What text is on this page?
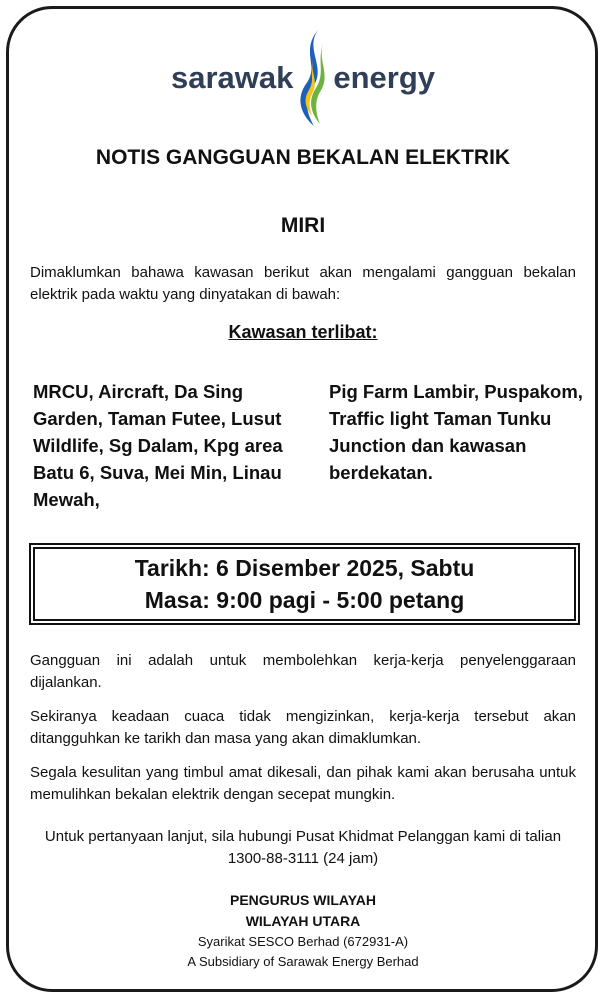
sarawak energy
NOTIS GANGGUAN BEKALAN ELEKTRIK
MIRI
Dimaklumkan bahawa kawasan berikut akan mengalami gangguan bekalan elektrik pada waktu yang dinyatakan di bawah:
Kawasan terlibat:
MRCU, Aircraft, Da Sing Garden, Taman Futee, Lusut Wildlife, Sg Dalam, Kpg area Batu 6, Suva, Mei Min, Linau Mewah,
Pig Farm Lambir, Puspakom, Traffic light Taman Tunku Junction dan kawasan berdekatan.
Tarikh: 6 Disember 2025, Sabtu
Masa: 9:00 pagi - 5:00 petang
Gangguan ini adalah untuk membolehkan kerja-kerja penyelenggaraan dijalankan.
Sekiranya keadaan cuaca tidak mengizinkan, kerja-kerja tersebut akan ditangguhkan ke tarikh dan masa yang akan dimaklumkan.
Segala kesulitan yang timbul amat dikesali, dan pihak kami akan berusaha untuk memulihkan bekalan elektrik dengan secepat mungkin.
Untuk pertanyaan lanjut, sila hubungi Pusat Khidmat Pelanggan kami di talian 1300-88-3111 (24 jam)
PENGURUS WILAYAH
WILAYAH UTARA
Syarikat SESCO Berhad (672931-A)
A Subsidiary of Sarawak Energy Berhad
